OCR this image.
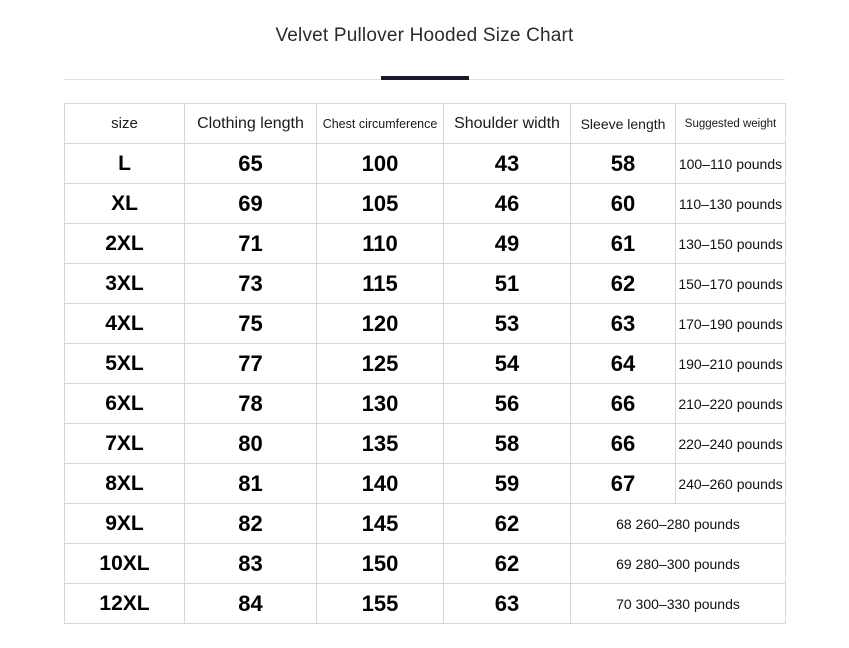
Velvet Pullover Hooded Size Chart
size	Clothing length	Chest circumference	Shoulder width	Sleeve length	Suggested weight
L	65	100	43	58	100–110 pounds
XL	69	105	46	60	110–130 pounds
2XL	71	110	49	61	130–150 pounds
3XL	73	115	51	62	150–170 pounds
4XL	75	120	53	63	170–190 pounds
5XL	77	125	54	64	190–210 pounds
6XL	78	130	56	66	210–220 pounds
7XL	80	135	58	66	220–240 pounds
8XL	81	140	59	67	240–260 pounds
9XL	82	145	62	68 260–280 pounds	
10XL	83	150	62	69 280–300 pounds	
12XL	84	155	63	70 300–330 pounds	
